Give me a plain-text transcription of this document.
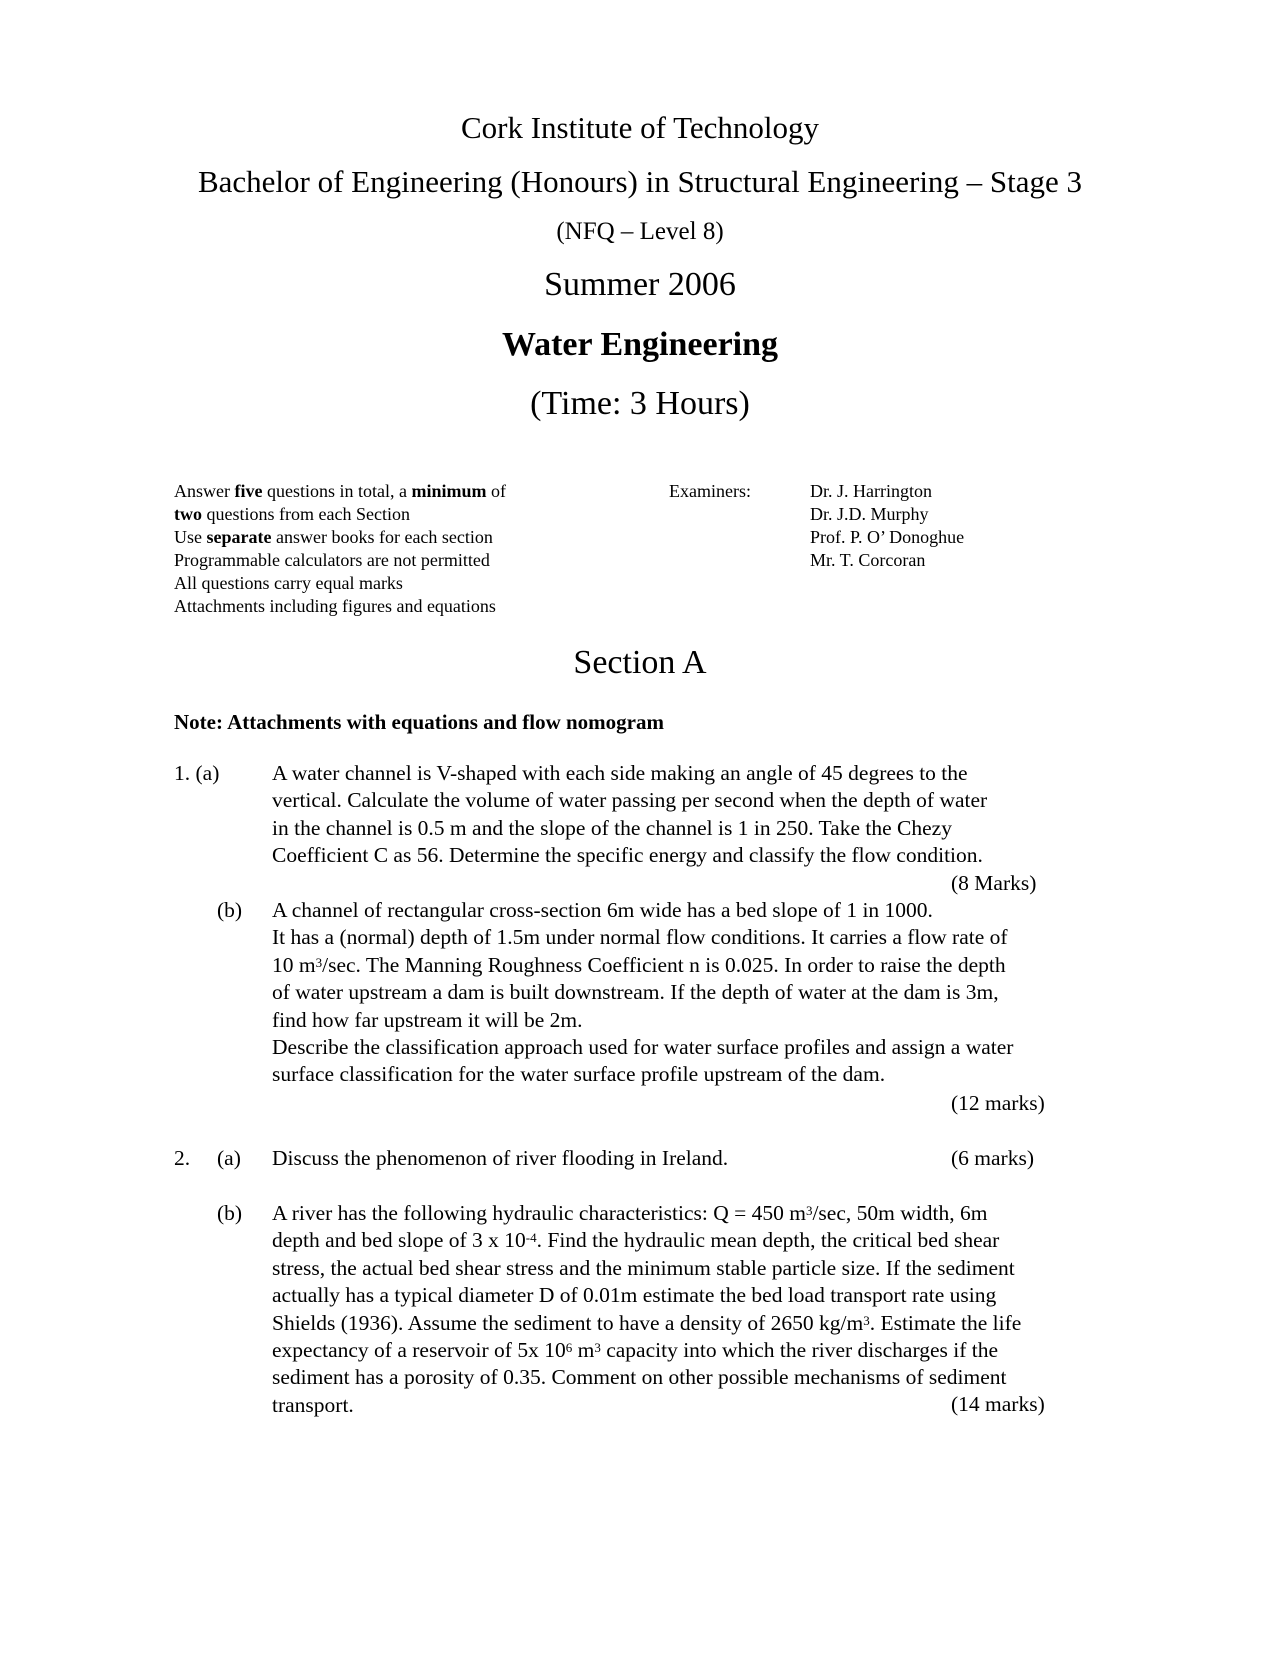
Cork Institute of Technology
Bachelor of Engineering (Honours) in Structural Engineering – Stage 3
(NFQ – Level 8)
Summer 2006
Water Engineering
(Time: 3 Hours)
Answer five questions in total, a minimum of
two questions from each Section
Use separate answer books for each section
Programmable calculators are not permitted
All questions carry equal marks
Attachments including figures and equations
Examiners:	Dr. J. Harrington
Dr. J.D. Murphy
Prof. P. O’ Donoghue
Mr. T. Corcoran
Section A
Note: Attachments with equations and flow nomogram
1. (a) A water channel is V-shaped with each side making an angle of 45 degrees to the
vertical. Calculate the volume of water passing per second when the depth of water
in the channel is 0.5 m and the slope of the channel is 1 in 250. Take the Chezy
Coefficient C as 56. Determine the specific energy and classify the flow condition.
(8 Marks)
(b) A channel of rectangular cross-section 6m wide has a bed slope of 1 in 1000.
It has a (normal) depth of 1.5m under normal flow conditions. It carries a flow rate of
10 $m^3/\sec$. The Manning Roughness Coefficient n is 0.025. In order to raise the depth
of water upstream a dam is built downstream. If the depth of water at the dam is 3m,
find how far upstream it will be 2m.
Describe the classification approach used for water surface profiles and assign a water
surface classification for the water surface profile upstream of the dam.
(12 marks)
2. (a) Discuss the phenomenon of river flooding in Ireland.	(6 marks)
(b) A river has the following hydraulic characteristics: Q = 450 $m^3/\sec$, 50m width, 6m
depth and bed slope of 3 x $10^{-4}$. Find the hydraulic mean depth, the critical bed shear
stress, the actual bed shear stress and the minimum stable particle size. If the sediment
actually has a typical diameter D of 0.01m estimate the bed load transport rate using
Shields (1936). Assume the sediment to have a density of 2650 $kg/m^3$. Estimate the life
expectancy of a reservoir of 5x $10^6$ $m^3$ capacity into which the river discharges if the
sediment has a porosity of 0.35. Comment on other possible mechanisms of sediment
transport.	(14 marks)
